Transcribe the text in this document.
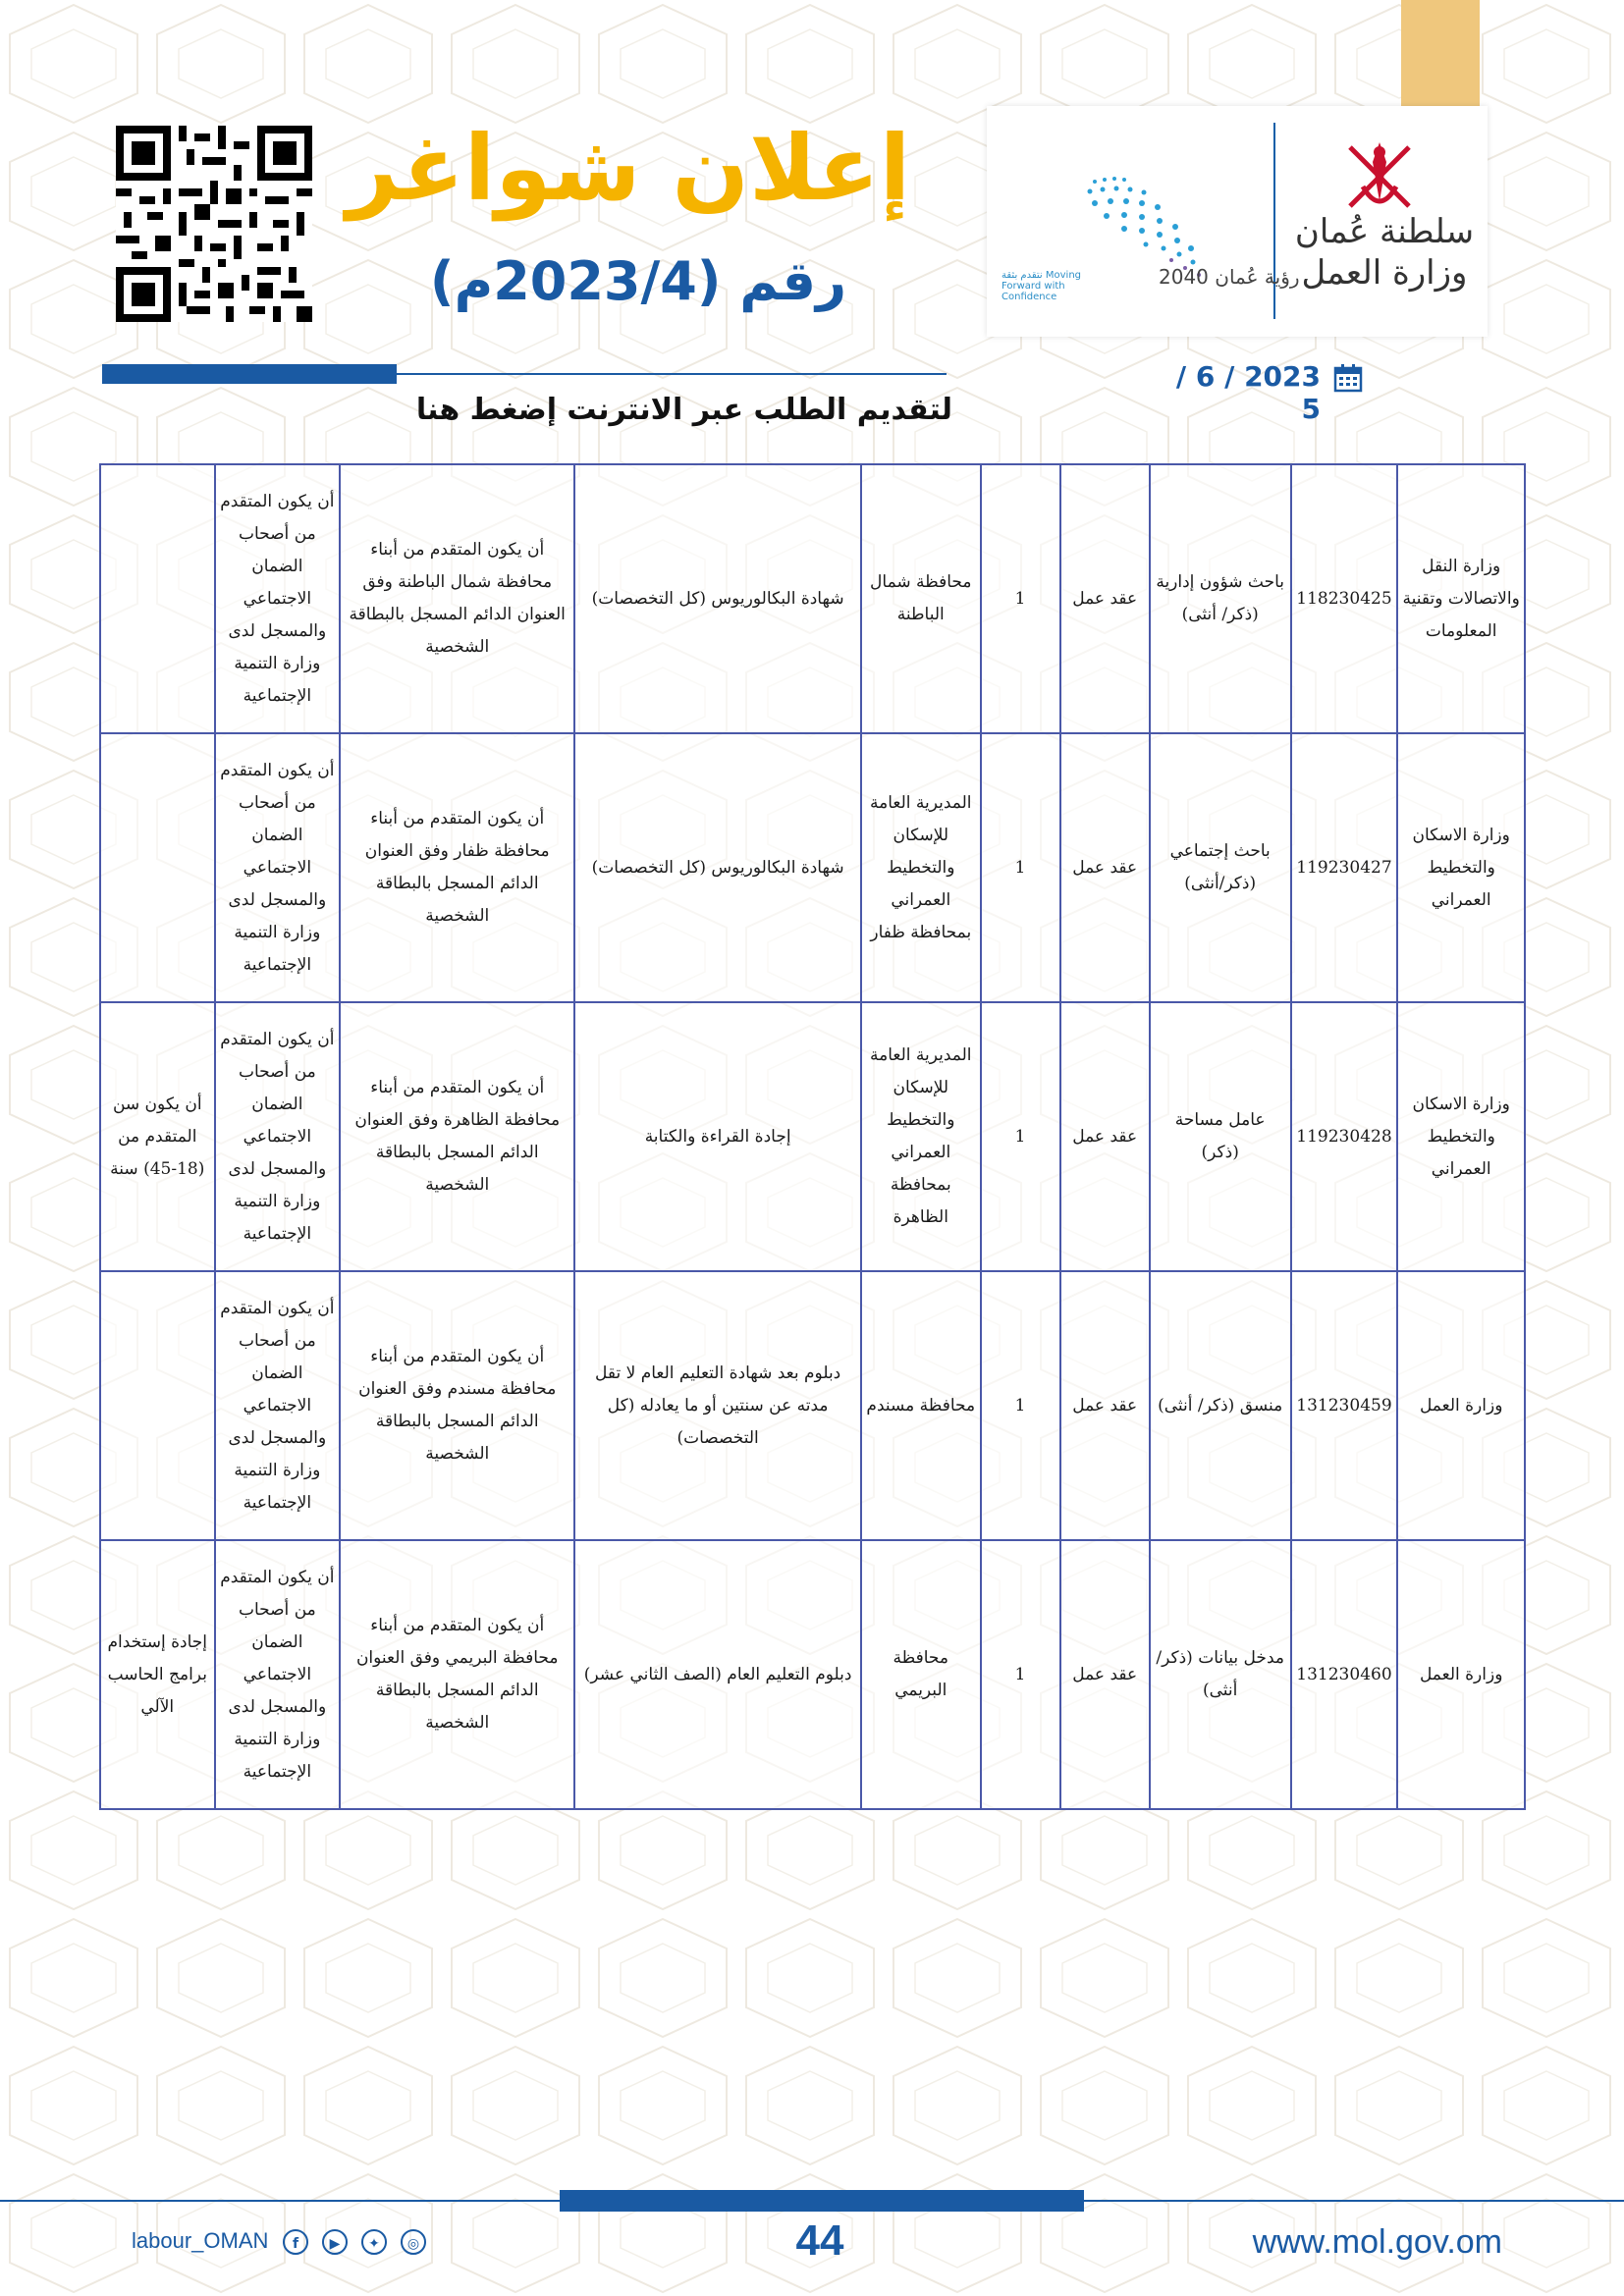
سلطنة عُمان
وزارة العمل
رؤية عُمان 2040
نتقدم بثقة Moving Forward with Confidence
إعلان شواغر
رقم (2023/4م)
لتقديم الطلب عبر الانترنت إضغط هنا
2023 / 6 / 5
وزارة النقل والاتصالات وتقنية المعلومات	118230425	باحث شؤون إدارية (ذكر/ أنثى)	عقد عمل	1	محافظة شمال الباطنة	شهادة البكالوريوس (كل التخصصات)	أن يكون المتقدم من أبناء محافظة شمال الباطنة وفق العنوان الدائم المسجل بالبطاقة الشخصية	أن يكون المتقدم من أصحاب الضمان الاجتماعي والمسجل لدى وزارة التنمية الإجتماعية	
وزارة الاسكان والتخطيط العمراني	119230427	باحث إجتماعي (ذكر/أنثى)	عقد عمل	1	المديرية العامة للإسكان والتخطيط العمراني بمحافظة ظفار	شهادة البكالوريوس (كل التخصصات)	أن يكون المتقدم من أبناء محافظة ظفار وفق العنوان الدائم المسجل بالبطاقة الشخصية	أن يكون المتقدم من أصحاب الضمان الاجتماعي والمسجل لدى وزارة التنمية الإجتماعية	
وزارة الاسكان والتخطيط العمراني	119230428	عامل مساحة (ذكر)	عقد عمل	1	المديرية العامة للإسكان والتخطيط العمراني بمحافظة الظاهرة	إجادة القراءة والكتابة	أن يكون المتقدم من أبناء محافظة الظاهرة وفق العنوان الدائم المسجل بالبطاقة الشخصية	أن يكون المتقدم من أصحاب الضمان الاجتماعي والمسجل لدى وزارة التنمية الإجتماعية	أن يكون سن المتقدم من (18-45) سنة
وزارة العمل	131230459	منسق (ذكر/ أنثى)	عقد عمل	1	محافظة مسندم	دبلوم بعد شهادة التعليم العام لا تقل مدته عن سنتين أو ما يعادله (كل التخصصات)	أن يكون المتقدم من أبناء محافظة مسندم وفق العنوان الدائم المسجل بالبطاقة الشخصية	أن يكون المتقدم من أصحاب الضمان الاجتماعي والمسجل لدى وزارة التنمية الإجتماعية	
وزارة العمل	131230460	مدخل بيانات (ذكر/أنثى)	عقد عمل	1	محافظة البريمي	دبلوم التعليم العام (الصف الثاني عشر)	أن يكون المتقدم من أبناء محافظة البريمي وفق العنوان الدائم المسجل بالبطاقة الشخصية	أن يكون المتقدم من أصحاب الضمان الاجتماعي والمسجل لدى وزارة التنمية الإجتماعية	إجادة إستخدام برامج الحاسب الآلي
labour_OMAN	f	▶	✦	◎	44	www.mol.gov.om
